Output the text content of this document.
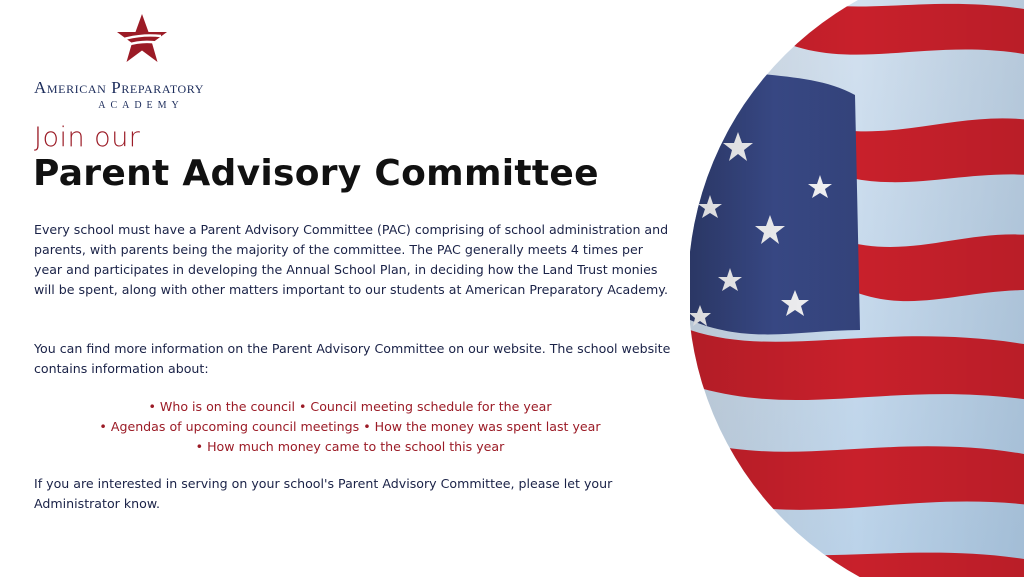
American Preparatory
ACADEMY
Join our
Parent Advisory Committee
Every school must have a Parent Advisory Committee (PAC) comprising of school administration and parents, with parents being the majority of the committee. The PAC generally meets 4 times per year and participates in developing the Annual School Plan, in deciding how the Land Trust monies will be spent, along with other matters important to our students at American Preparatory Academy.
You can find more information on the Parent Advisory Committee on our website. The school website contains information about:
• Who is on the council • Council meeting schedule for the year
• Agendas of upcoming council meetings • How the money was spent last year
• How much money came to the school this year
If you are interested in serving on your school's Parent Advisory Committee, please let your Administrator know.
